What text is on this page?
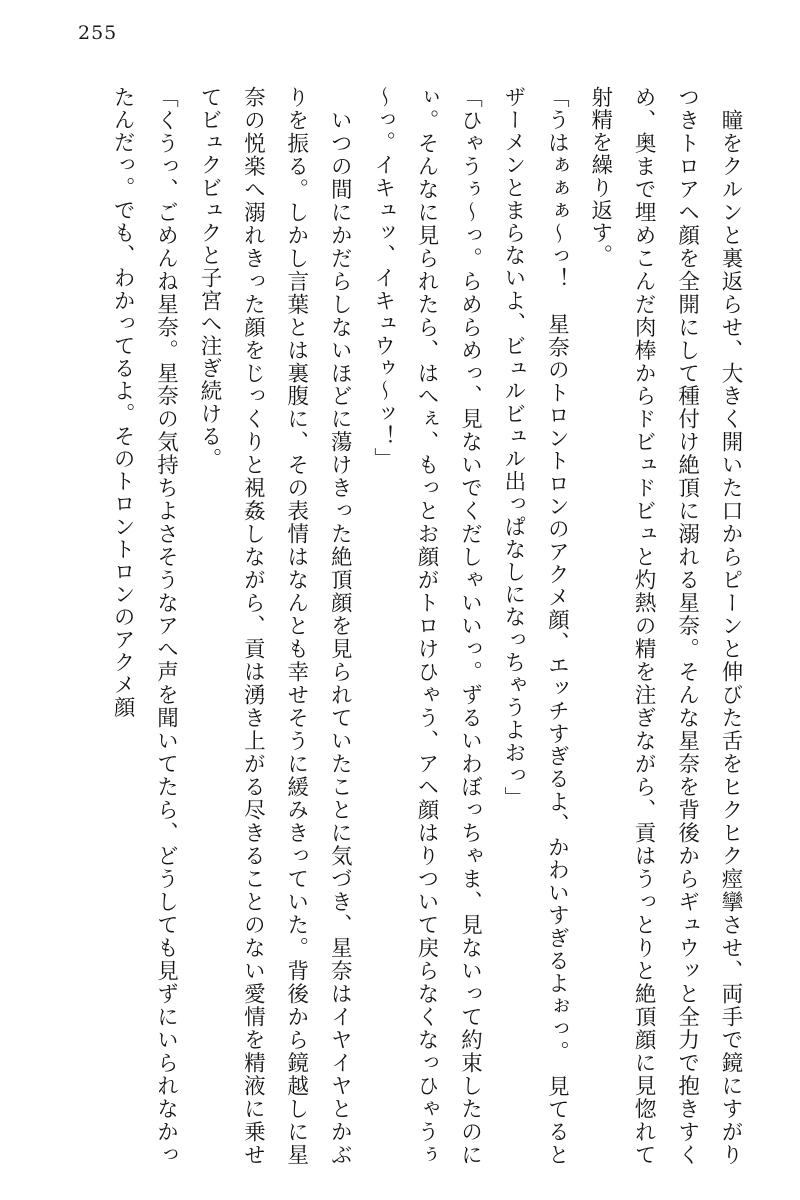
255
　瞳をクルンと裏返らせ、大きく開いた口からピーンと伸びた舌をヒクヒク痙攣させ、両手で鏡にすがりつきトロアヘ顔を全開にして種付け絶頂に溺れる星奈。そんな星奈を背後からギュウッと全力で抱きすくめ、奥まで埋めこんだ肉棒からドビュドビュと灼熱の精を注ぎながら、貢はうっとりと絶頂顔に見惚れて射精を繰り返す。
「うはぁぁぁ～っ！　星奈のトロントロンのアクメ顔、エッチすぎるよ、かわいすぎるよぉっ。　見てるとザーメンとまらないよ、ビュルビュル出っぱなしになっちゃうよおっ」
「ひゃうぅ～っ。らめらめっ、見ないでくだしゃいいっ。ずるいわぼっちゃま、見ないって約束したのにぃ。そんなに見られたら、はへぇ、もっとお顔がトロけひゃう、アヘ顔はりついて戻らなくなっひゃうぅ～っ。イキュッ、イキュウゥ～ッ！」
　いつの間にかだらしないほどに蕩けきった絶頂顔を見られていたことに気づき、星奈はイヤイヤとかぶりを振る。しかし言葉とは裏腹に、その表情はなんとも幸せそうに緩みきっていた。背後から鏡越しに星奈の悦楽へ溺れきった顔をじっくりと視姦しながら、貢は湧き上がる尽きることのない愛情を精液に乗せてビュクビュクと子宮へ注ぎ続ける。
「くうっ、ごめんね星奈。星奈の気持ちよさそうなアへ声を聞いてたら、どうしても見ずにいられなかったんだっ。でも、わかってるよ。そのトロントロンのアクメ顔
